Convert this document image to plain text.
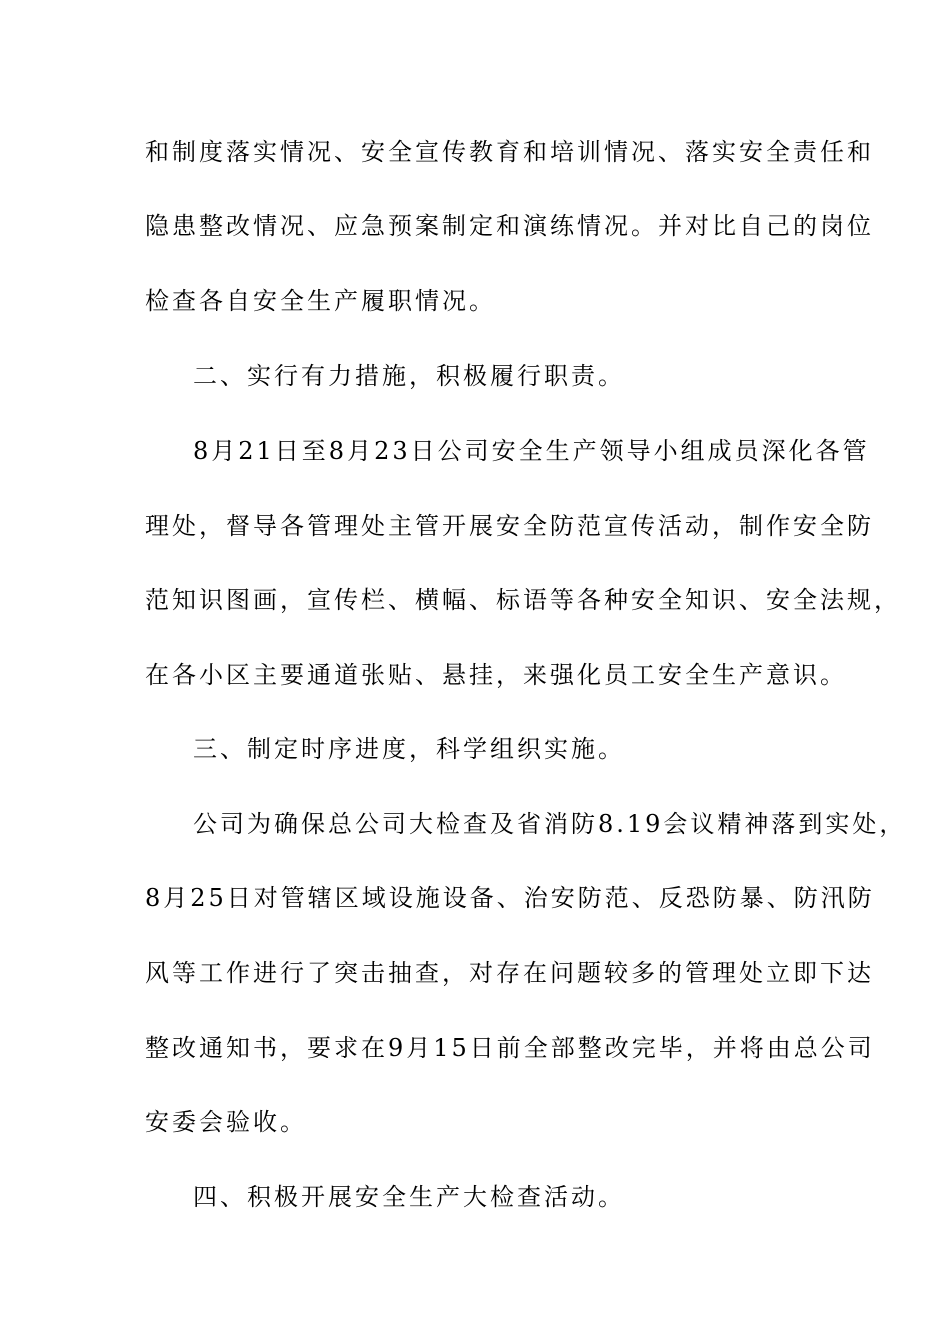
和制度落实情况、安全宣传教育和培训情况、落实安全责任和
隐患整改情况、应急预案制定和演练情况。并对比自己的岗位
检查各自安全生产履职情况。
二、实行有力措施，积极履行职责。
8月21日至8月23日公司安全生产领导小组成员深化各管
理处，督导各管理处主管开展安全防范宣传活动，制作安全防
范知识图画，宣传栏、横幅、标语等各种安全知识、安全法规，
在各小区主要通道张贴、悬挂，来强化员工安全生产意识。
三、制定时序进度，科学组织实施。
公司为确保总公司大检查及省消防8.19会议精神落到实处，
8月25日对管辖区域设施设备、治安防范、反恐防暴、防汛防
风等工作进行了突击抽查，对存在问题较多的管理处立即下达
整改通知书，要求在9月15日前全部整改完毕，并将由总公司
安委会验收。
四、积极开展安全生产大检查活动。
